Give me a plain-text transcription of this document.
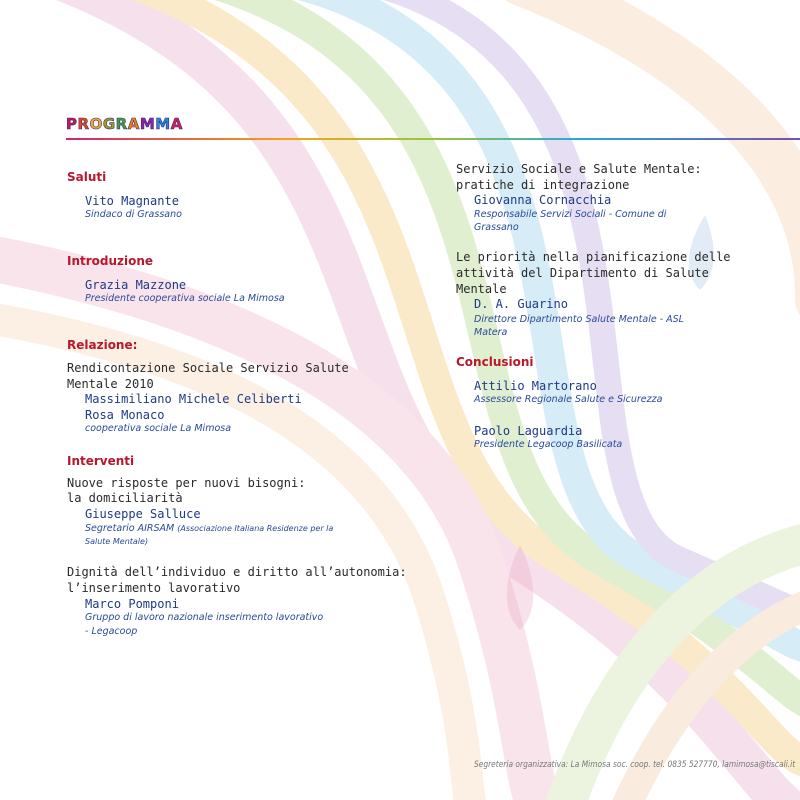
PROGRAMMA
Saluti
Vito Magnante
Sindaco di Grassano
Introduzione
Grazia Mazzone
Presidente cooperativa sociale La Mimosa
Relazione:
Rendicontazione Sociale Servizio Salute
Mentale 2010
Massimiliano Michele Celiberti
Rosa Monaco
cooperativa sociale La Mimosa
Interventi
Nuove risposte per nuovi bisogni:
la domiciliarità
Giuseppe Salluce
Segretario AIRSAM (Associazione Italiana Residenze per la
Salute Mentale)
Dignità dell’individuo e diritto all’autonomia:
l’inserimento lavorativo
Marco Pomponi
Gruppo di lavoro nazionale inserimento lavorativo
- Legacoop
Servizio Sociale e Salute Mentale:
pratiche di integrazione
Giovanna Cornacchia
Responsabile Servizi Sociali - Comune di
Grassano
Le priorità nella pianificazione delle
attività del Dipartimento di Salute
Mentale
D. A. Guarino
Direttore Dipartimento Salute Mentale - ASL
Matera
Conclusioni
Attilio Martorano
Assessore Regionale Salute e Sicurezza
Paolo Laguardia
Presidente Legacoop Basilicata
Segreteria organizzativa: La Mimosa soc. coop. tel. 0835 527770, lamimosa@tiscali.it
